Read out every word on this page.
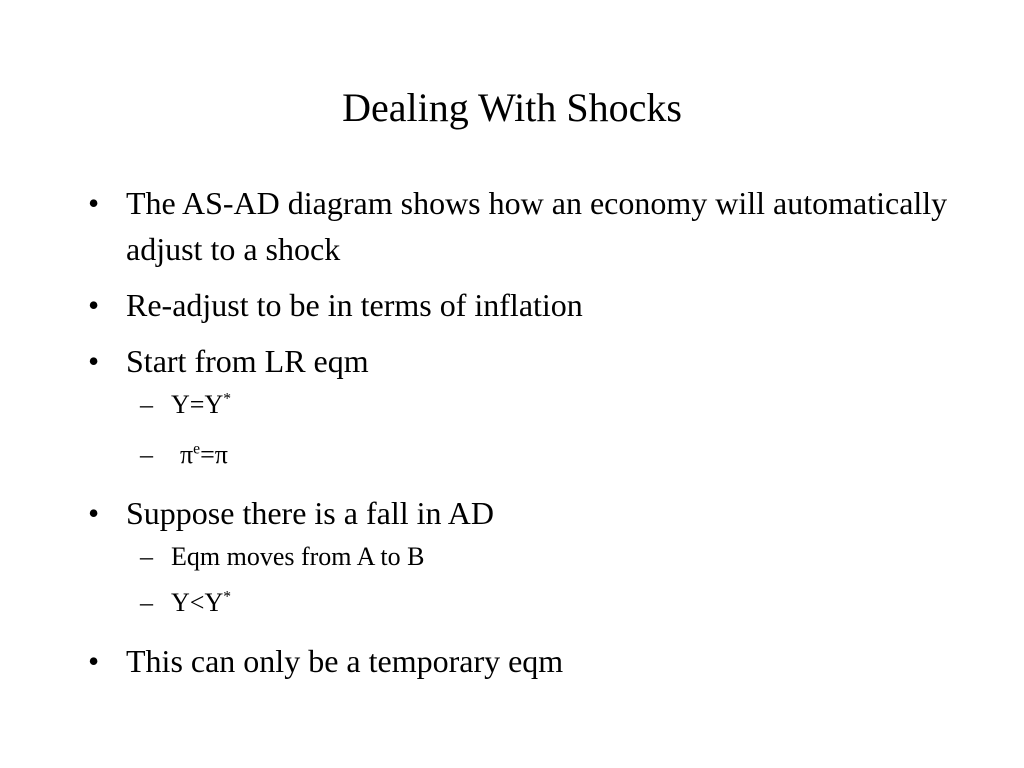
Dealing With Shocks
• The AS-AD diagram shows how an economy will automatically adjust to a shock
• Re-adjust to be in terms of inflation
• Start from LR eqm
– Y=Y*
– $\pi^e=\pi$
• Suppose there is a fall in AD
– Eqm moves from A to B
– Y<Y*
• This can only be a temporary eqm
